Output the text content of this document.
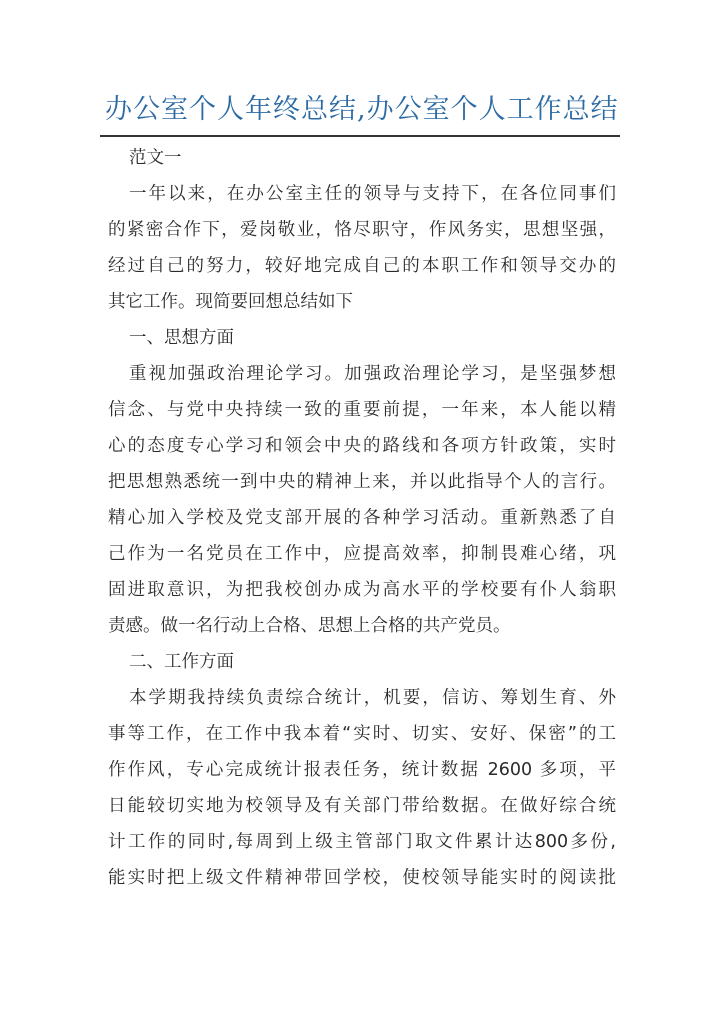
办公室个人年终总结,办公室个人工作总结
范文一
一年以来，在办公室主任的领导与支持下，在各位同事们
的紧密合作下，爱岗敬业，恪尽职守，作风务实，思想坚强，
经过自己的努力，较好地完成自己的本职工作和领导交办的
其它工作。现简要回想总结如下
一、思想方面
重视加强政治理论学习。加强政治理论学习，是坚强梦想
信念、与党中央持续一致的重要前提，一年来，本人能以精
心的态度专心学习和领会中央的路线和各项方针政策，实时
把思想熟悉统一到中央的精神上来，并以此指导个人的言行。
精心加入学校及党支部开展的各种学习活动。重新熟悉了自
己作为一名党员在工作中，应提高效率，抑制畏难心绪，巩
固进取意识，为把我校创办成为高水平的学校要有仆人翁职
责感。做一名行动上合格、思想上合格的共产党员。
二、工作方面
本学期我持续负责综合统计，机要，信访、筹划生育、外
事等工作，在工作中我本着“实时、切实、安好、保密”的工
作作风，专心完成统计报表任务，统计数据 2600 多项，平
日能较切实地为校领导及有关部门带给数据。在做好综合统
计工作的同时,每周到上级主管部门取文件累计达800多份,
能实时把上级文件精神带回学校，使校领导能实时的阅读批
